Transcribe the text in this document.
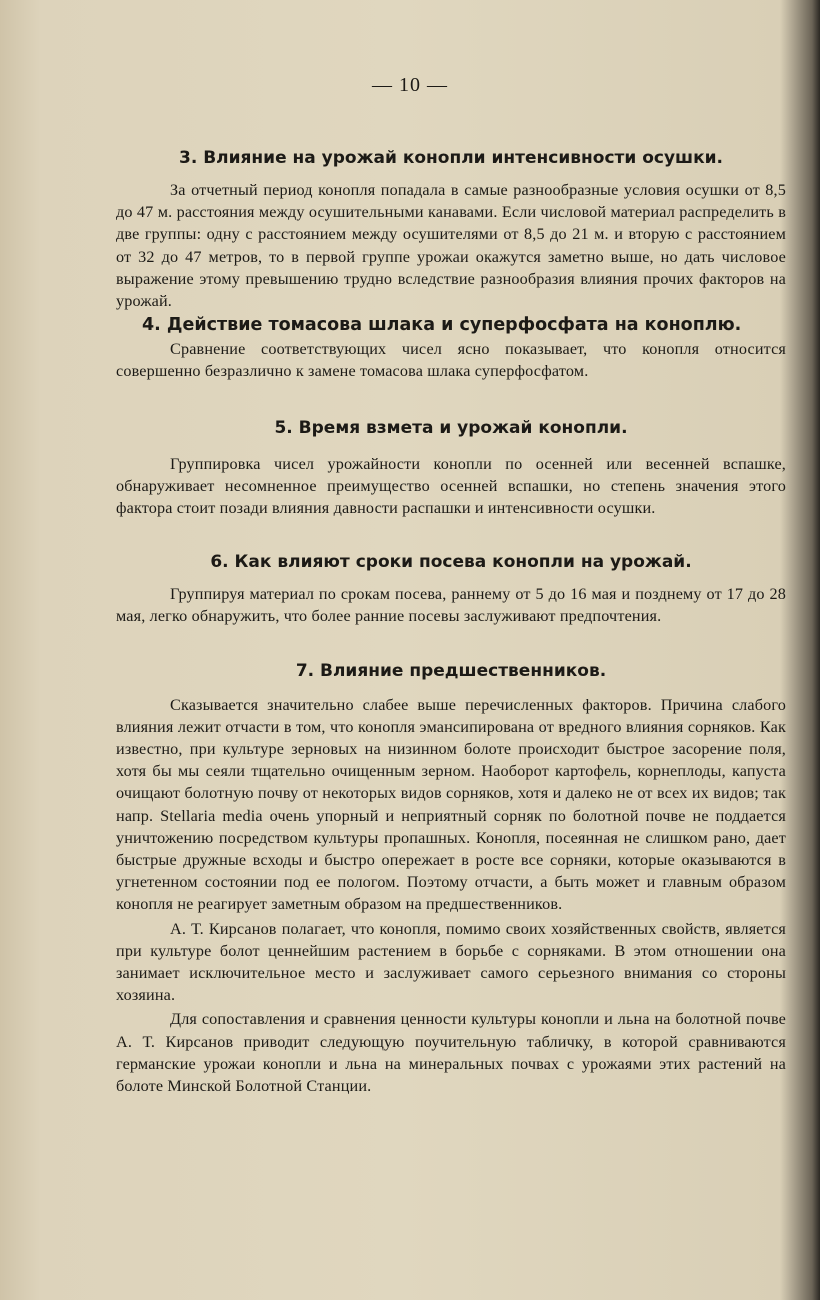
— 10 —
3. Влияние на урожай конопли интенсивности осушки.

За отчетный период конопля попадала в самые разнообразные условия осушки от 8,5 до 47 м. расстояния между осушительными канавами. Если числовой материал распределить в две группы: одну с расстоянием между осушителями от 8,5 до 21 м. и вторую с расстоянием от 32 до 47 метров, то в первой группе урожаи окажутся заметно выше, но дать числовое выражение этому превышению трудно вследствие разнообразия влияния прочих факторов на урожай.

4. Действие томасова шлака и суперфосфата на коноплю.

Сравнение соответствующих чисел ясно показывает, что конопля относится совершенно безразлично к замене томасова шлака суперфосфатом.

5. Время взмета и урожай конопли.

Группировка чисел урожайности конопли по осенней или весенней вспашке, обнаруживает несомненное преимущество осенней вспашки, но степень значения этого фактора стоит позади влияния давности распашки и интенсивности осушки.

6. Как влияют сроки посева конопли на урожай.

Группируя материал по срокам посева, раннему от 5 до 16 мая и позднему от 17 до 28 мая, легко обнаружить, что более ранние посевы заслуживают предпочтения.

7. Влияние предшественников.

Сказывается значительно слабее выше перечисленных факторов. Причина слабого влияния лежит отчасти в том, что конопля эмансипирована от вредного влияния сорняков. Как известно, при культуре зерновых на низинном болоте происходит быстрое засорение поля, хотя бы мы сеяли тщательно очищенным зерном. Наоборот картофель, корнеплоды, капуста очищают болотную почву от некоторых видов сорняков, хотя и далеко не от всех их видов; так напр. Stellaria media очень упорный и неприятный сорняк по болотной почве не поддается уничтожению посредством культуры пропашных. Конопля, посеянная не слишком рано, дает быстрые дружные всходы и быстро опережает в росте все сорняки, которые оказываются в угнетенном состоянии под ее пологом. Поэтому отчасти, а быть может и главным образом конопля не реагирует заметным образом на предшественников.

А. Т. Кирсанов полагает, что конопля, помимо своих хозяйственных свойств, является при культуре болот ценнейшим растением в борьбе с сорняками. В этом отношении она занимает исключительное место и заслуживает самого серьезного внимания со стороны хозяина.

Для сопоставления и сравнения ценности культуры конопли и льна на болотной почве А. Т. Кирсанов приводит следующую поучительную табличку, в которой сравниваются германские урожаи конопли и льна на минеральных почвах с урожаями этих растений на болоте Минской Болотной Станции.
